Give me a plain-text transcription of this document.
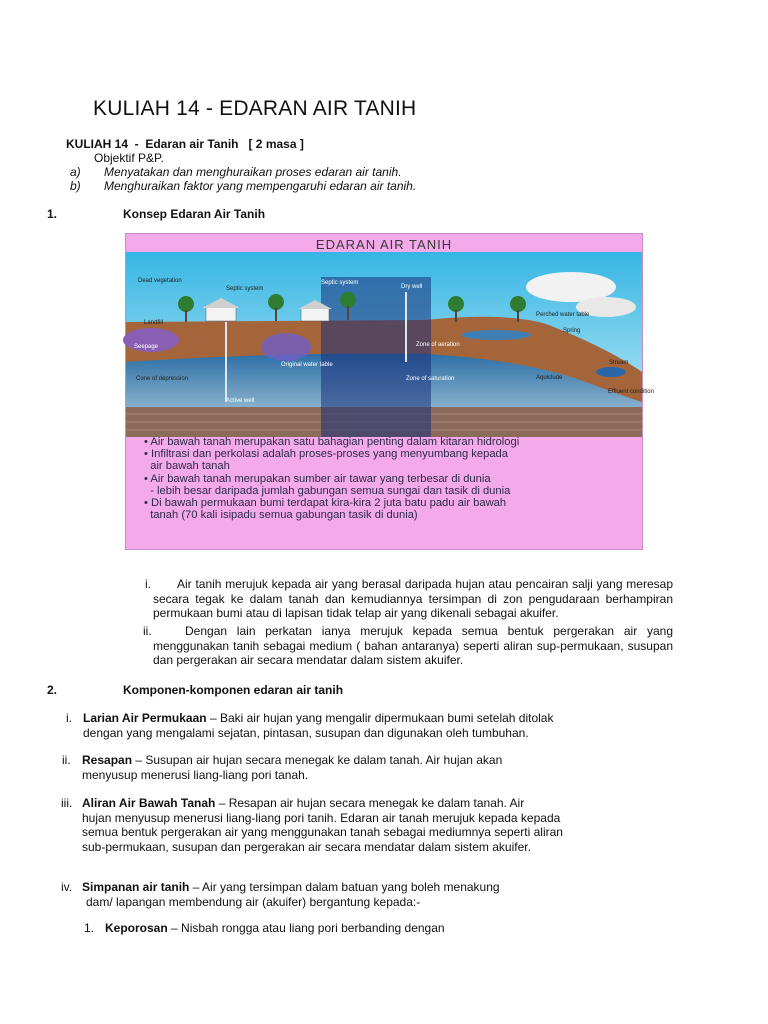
KULIAH 14 - EDARAN AIR TANIH
KULIAH 14  -  Edaran air Tanih   [ 2 masa ]
Objektif P&P.
a) Menyatakan dan menghuraikan proses edaran air tanih.
b) Menghuraikan faktor yang mempengaruhi edaran air tanih.
1.	Konsep Edaran Air Tanih
EDARAN AIR TANIH
Dead vegetation
Landfill
Seepage
Septic system
Septic system
Dry well
Perched water table
Spring
Stream
Cone of depression
Original water table
Zone of aeration
Zone of saturation	Aquiclude
Effluent condition
Active well
• Air bawah tanah merupakan satu bahagian penting dalam kitaran hidrologi
• Infiltrasi dan perkolasi adalah proses-proses yang menyumbang kepada
air bawah tanah
• Air bawah tanah merupakan sumber air tawar yang terbesar di dunia
- lebih besar daripada jumlah gabungan semua sungai dan tasik di dunia
• Di bawah permukaan bumi terdapat kira-kira 2 juta batu padu air bawah
tanah (70 kali isipadu semua gabungan tasik di dunia)
i. Air tanih merujuk kepada air yang berasal daripada hujan atau pencairan salji yang meresap secara tegak ke dalam tanah dan kemudiannya tersimpan di zon pengudaraan berhampiran permukaan bumi atau di lapisan tidak telap air yang dikenali sebagai akuifer.
ii.	Dengan lain perkatan ianya merujuk kepada semua bentuk pergerakan air yang menggunakan tanih sebagai medium ( bahan antaranya) seperti aliran sup-permukaan, susupan dan pergerakan air secara mendatar dalam sistem akuifer.
2.	Komponen-komponen edaran air tanih
i. Larian Air Permukaan – Baki air hujan yang mengalir dipermukaan bumi setelah ditolak
dengan yang mengalami sejatan, pintasan, susupan dan digunakan oleh tumbuhan.
ii. Resapan – Susupan air hujan secara menegak ke dalam tanah. Air hujan akan
menyusup menerusi liang-liang pori tanah.
iii. Aliran Air Bawah Tanah – Resapan air hujan secara menegak ke dalam tanah. Air
hujan menyusup menerusi liang-liang pori tanih. Edaran air tanah merujuk kepada kepada semua bentuk pergerakan air yang menggunakan tanah sebagai mediumnya seperti aliran sub-permukaan, susupan dan pergerakan air secara mendatar dalam sistem akuifer.
iv. Simpanan air tanih – Air yang tersimpan dalam batuan yang boleh menakung
dam/ lapangan membendung air (akuifer) bergantung kepada:-
1. Keporosan – Nisbah rongga atau liang pori berbanding dengan
